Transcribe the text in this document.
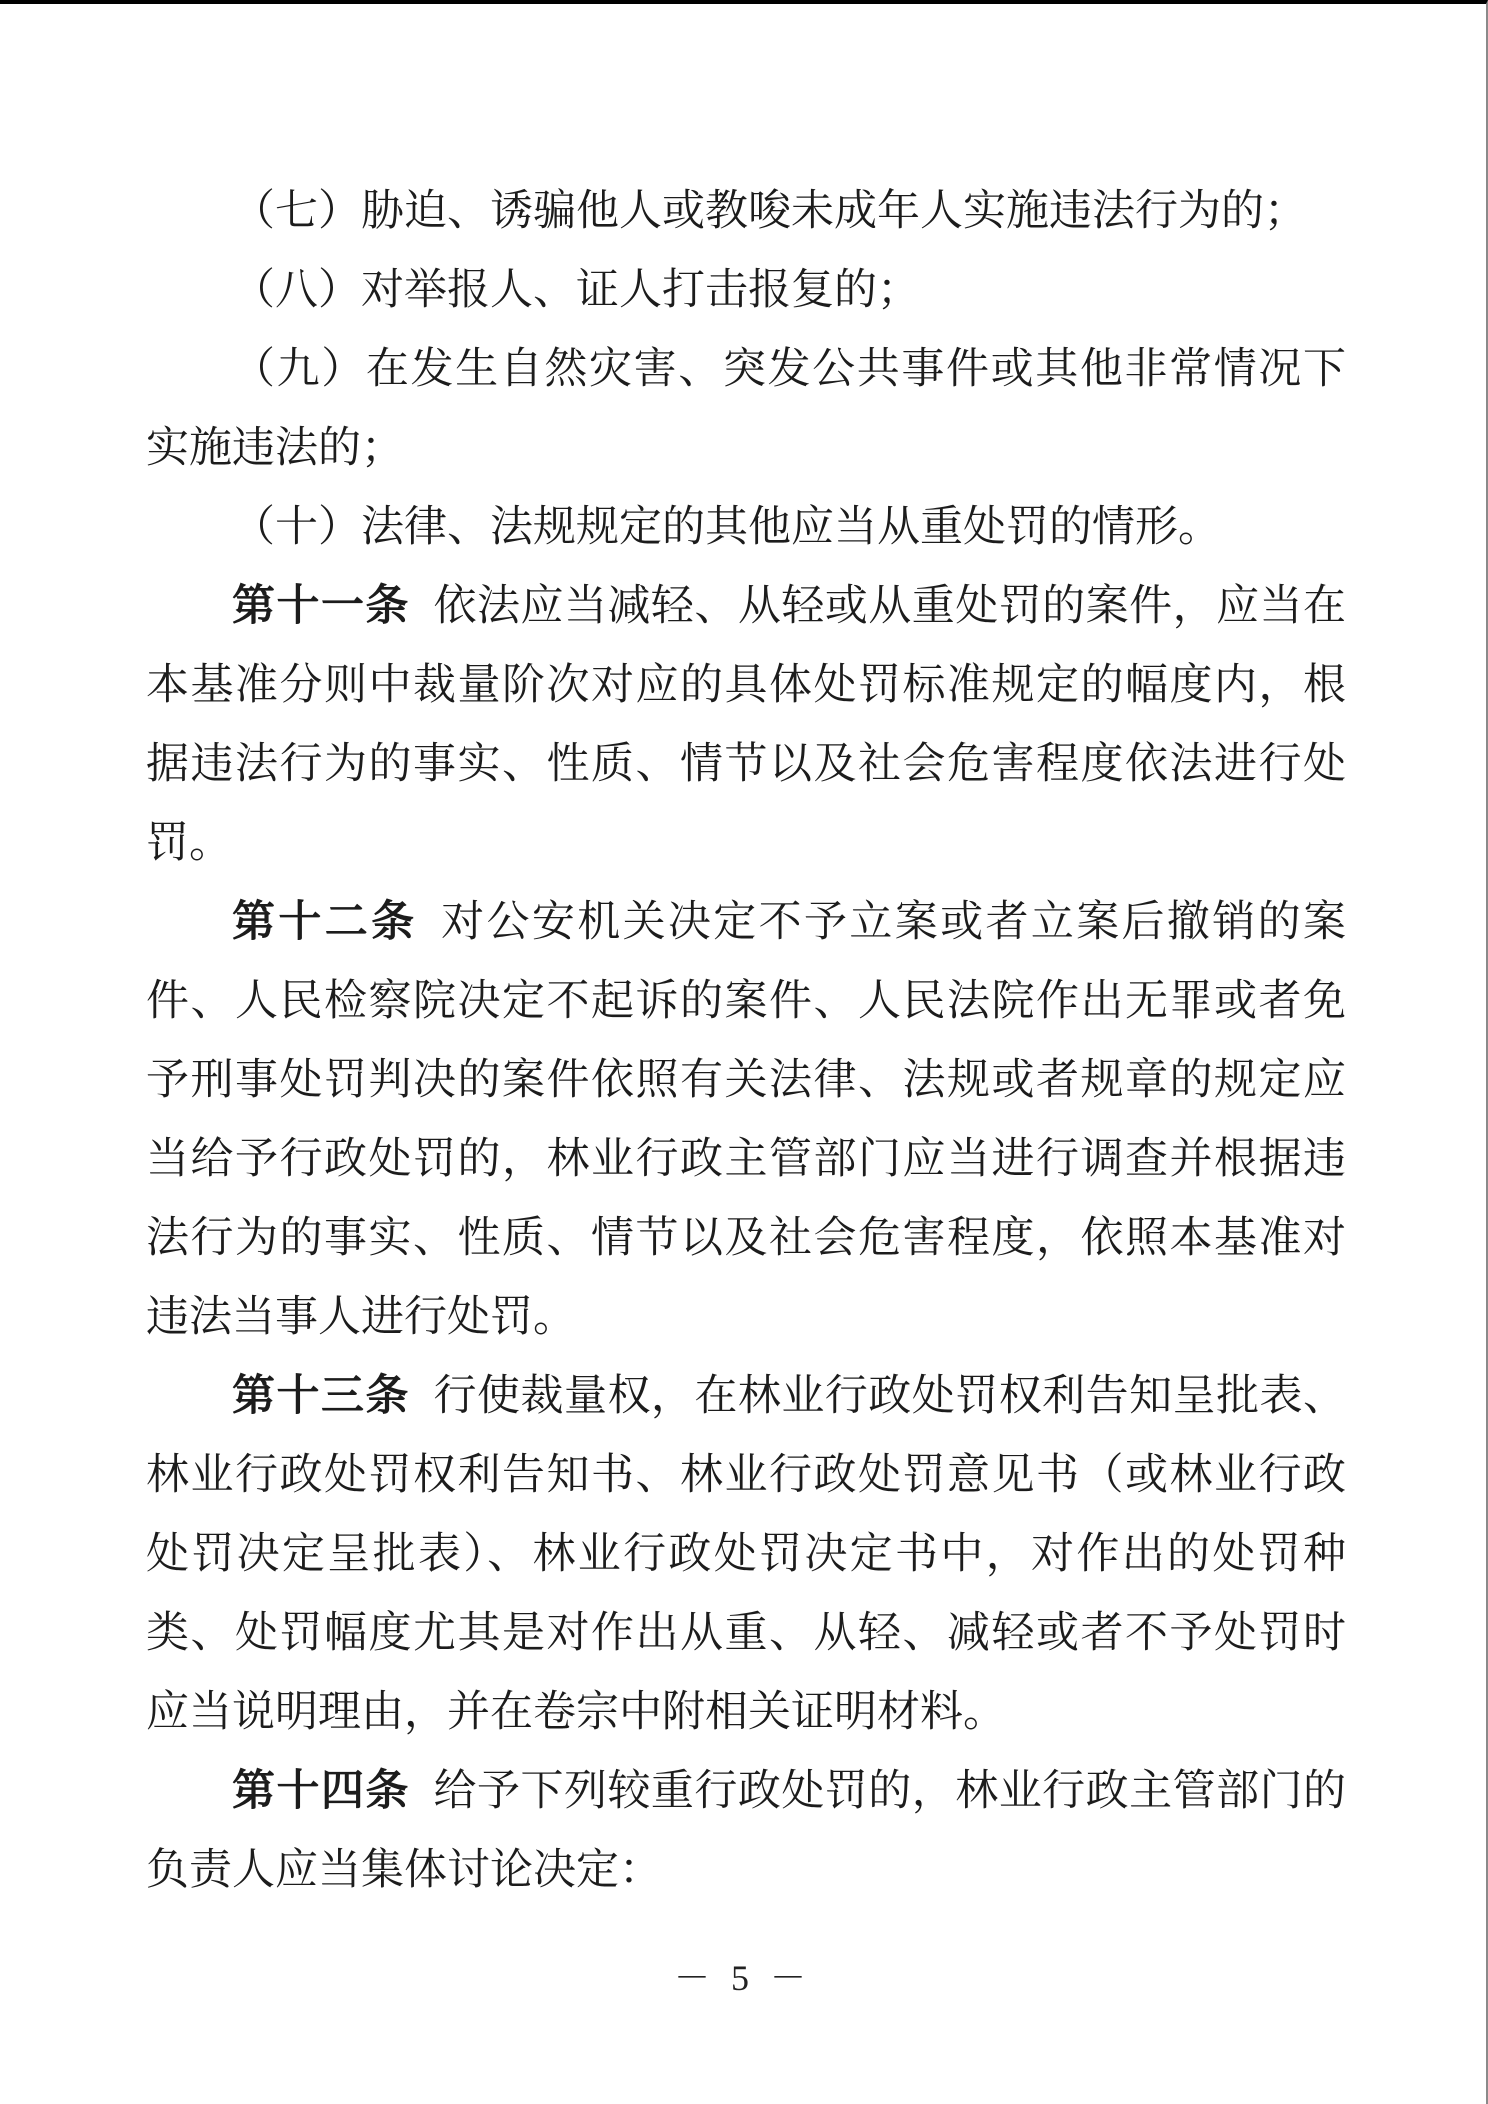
（七）胁迫、诱骗他人或教唆未成年人实施违法行为的；

（八）对举报人、证人打击报复的；

（九）在发生自然灾害、突发公共事件或其他非常情况下实施违法的；

（十）法律、法规规定的其他应当从重处罚的情形。

第十一条 依法应当减轻、从轻或从重处罚的案件，应当在本基准分则中裁量阶次对应的具体处罚标准规定的幅度内，根据违法行为的事实、性质、情节以及社会危害程度依法进行处罚。

第十二条 对公安机关决定不予立案或者立案后撤销的案件、人民检察院决定不起诉的案件、人民法院作出无罪或者免予刑事处罚判决的案件依照有关法律、法规或者规章的规定应当给予行政处罚的，林业行政主管部门应当进行调查并根据违法行为的事实、性质、情节以及社会危害程度，依照本基准对违法当事人进行处罚。

第十三条 行使裁量权，在林业行政处罚权利告知呈批表、林业行政处罚权利告知书、林业行政处罚意见书（或林业行政处罚决定呈批表）、林业行政处罚决定书中，对作出的处罚种类、处罚幅度尤其是对作出从重、从轻、减轻或者不予处罚时应当说明理由，并在卷宗中附相关证明材料。

第十四条 给予下列较重行政处罚的，林业行政主管部门的负责人应当集体讨论决定：

－ 5 －
